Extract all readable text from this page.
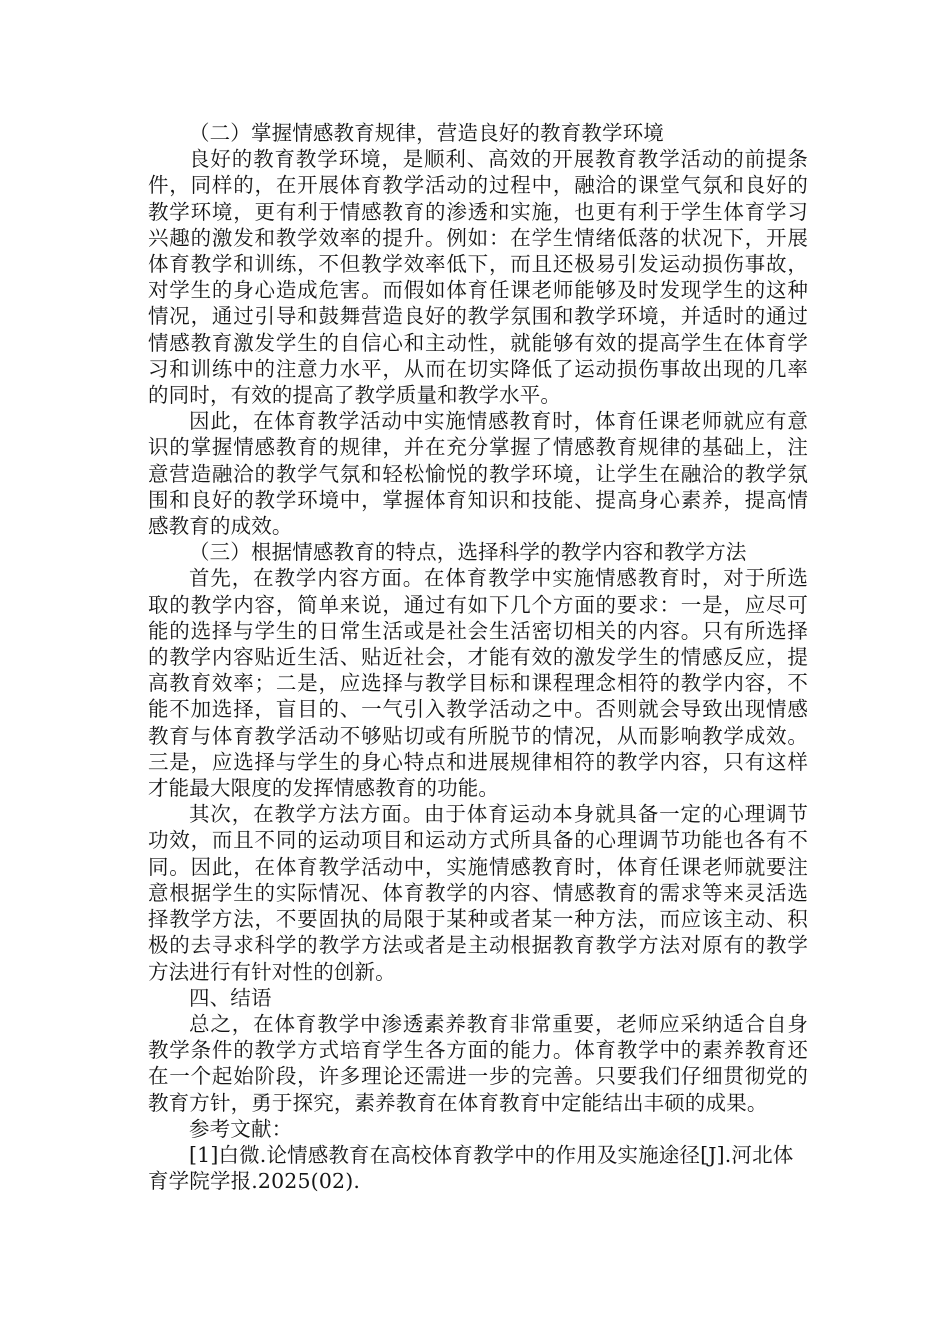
（二）掌握情感教育规律，营造良好的教育教学环境

良好的教育教学环境，是顺利、高效的开展教育教学活动的前提条件，同样的，在开展体育教学活动的过程中，融洽的课堂气氛和良好的教学环境，更有利于情感教育的渗透和实施，也更有利于学生体育学习兴趣的激发和教学效率的提升。例如：在学生情绪低落的状况下，开展体育教学和训练，不但教学效率低下，而且还极易引发运动损伤事故，对学生的身心造成危害。而假如体育任课老师能够及时发现学生的这种情况，通过引导和鼓舞营造良好的教学氛围和教学环境，并适时的通过情感教育激发学生的自信心和主动性，就能够有效的提高学生在体育学习和训练中的注意力水平，从而在切实降低了运动损伤事故出现的几率的同时，有效的提高了教学质量和教学水平。

因此，在体育教学活动中实施情感教育时，体育任课老师就应有意识的掌握情感教育的规律，并在充分掌握了情感教育规律的基础上，注意营造融洽的教学气氛和轻松愉悦的教学环境，让学生在融洽的教学氛围和良好的教学环境中，掌握体育知识和技能、提高身心素养，提高情感教育的成效。

（三）根据情感教育的特点，选择科学的教学内容和教学方法

首先，在教学内容方面。在体育教学中实施情感教育时，对于所选取的教学内容，简单来说，通过有如下几个方面的要求：一是，应尽可能的选择与学生的日常生活或是社会生活密切相关的内容。只有所选择的教学内容贴近生活、贴近社会，才能有效的激发学生的情感反应，提高教育效率；二是，应选择与教学目标和课程理念相符的教学内容，不能不加选择，盲目的、一气引入教学活动之中。否则就会导致出现情感教育与体育教学活动不够贴切或有所脱节的情况，从而影响教学成效。三是，应选择与学生的身心特点和进展规律相符的教学内容，只有这样才能最大限度的发挥情感教育的功能。

其次，在教学方法方面。由于体育运动本身就具备一定的心理调节功效，而且不同的运动项目和运动方式所具备的心理调节功能也各有不同。因此，在体育教学活动中，实施情感教育时，体育任课老师就要注意根据学生的实际情况、体育教学的内容、情感教育的需求等来灵活选择教学方法，不要固执的局限于某种或者某一种方法，而应该主动、积极的去寻求科学的教学方法或者是主动根据教育教学方法对原有的教学方法进行有针对性的创新。

四、结语

总之，在体育教学中渗透素养教育非常重要，老师应采纳适合自身教学条件的教学方式培育学生各方面的能力。体育教学中的素养教育还在一个起始阶段，许多理论还需进一步的完善。只要我们仔细贯彻党的教育方针，勇于探究，素养教育在体育教育中定能结出丰硕的成果。

参考文献：

[1]白微.论情感教育在高校体育教学中的作用及实施途径[J].河北体育学院学报.2025(02).
